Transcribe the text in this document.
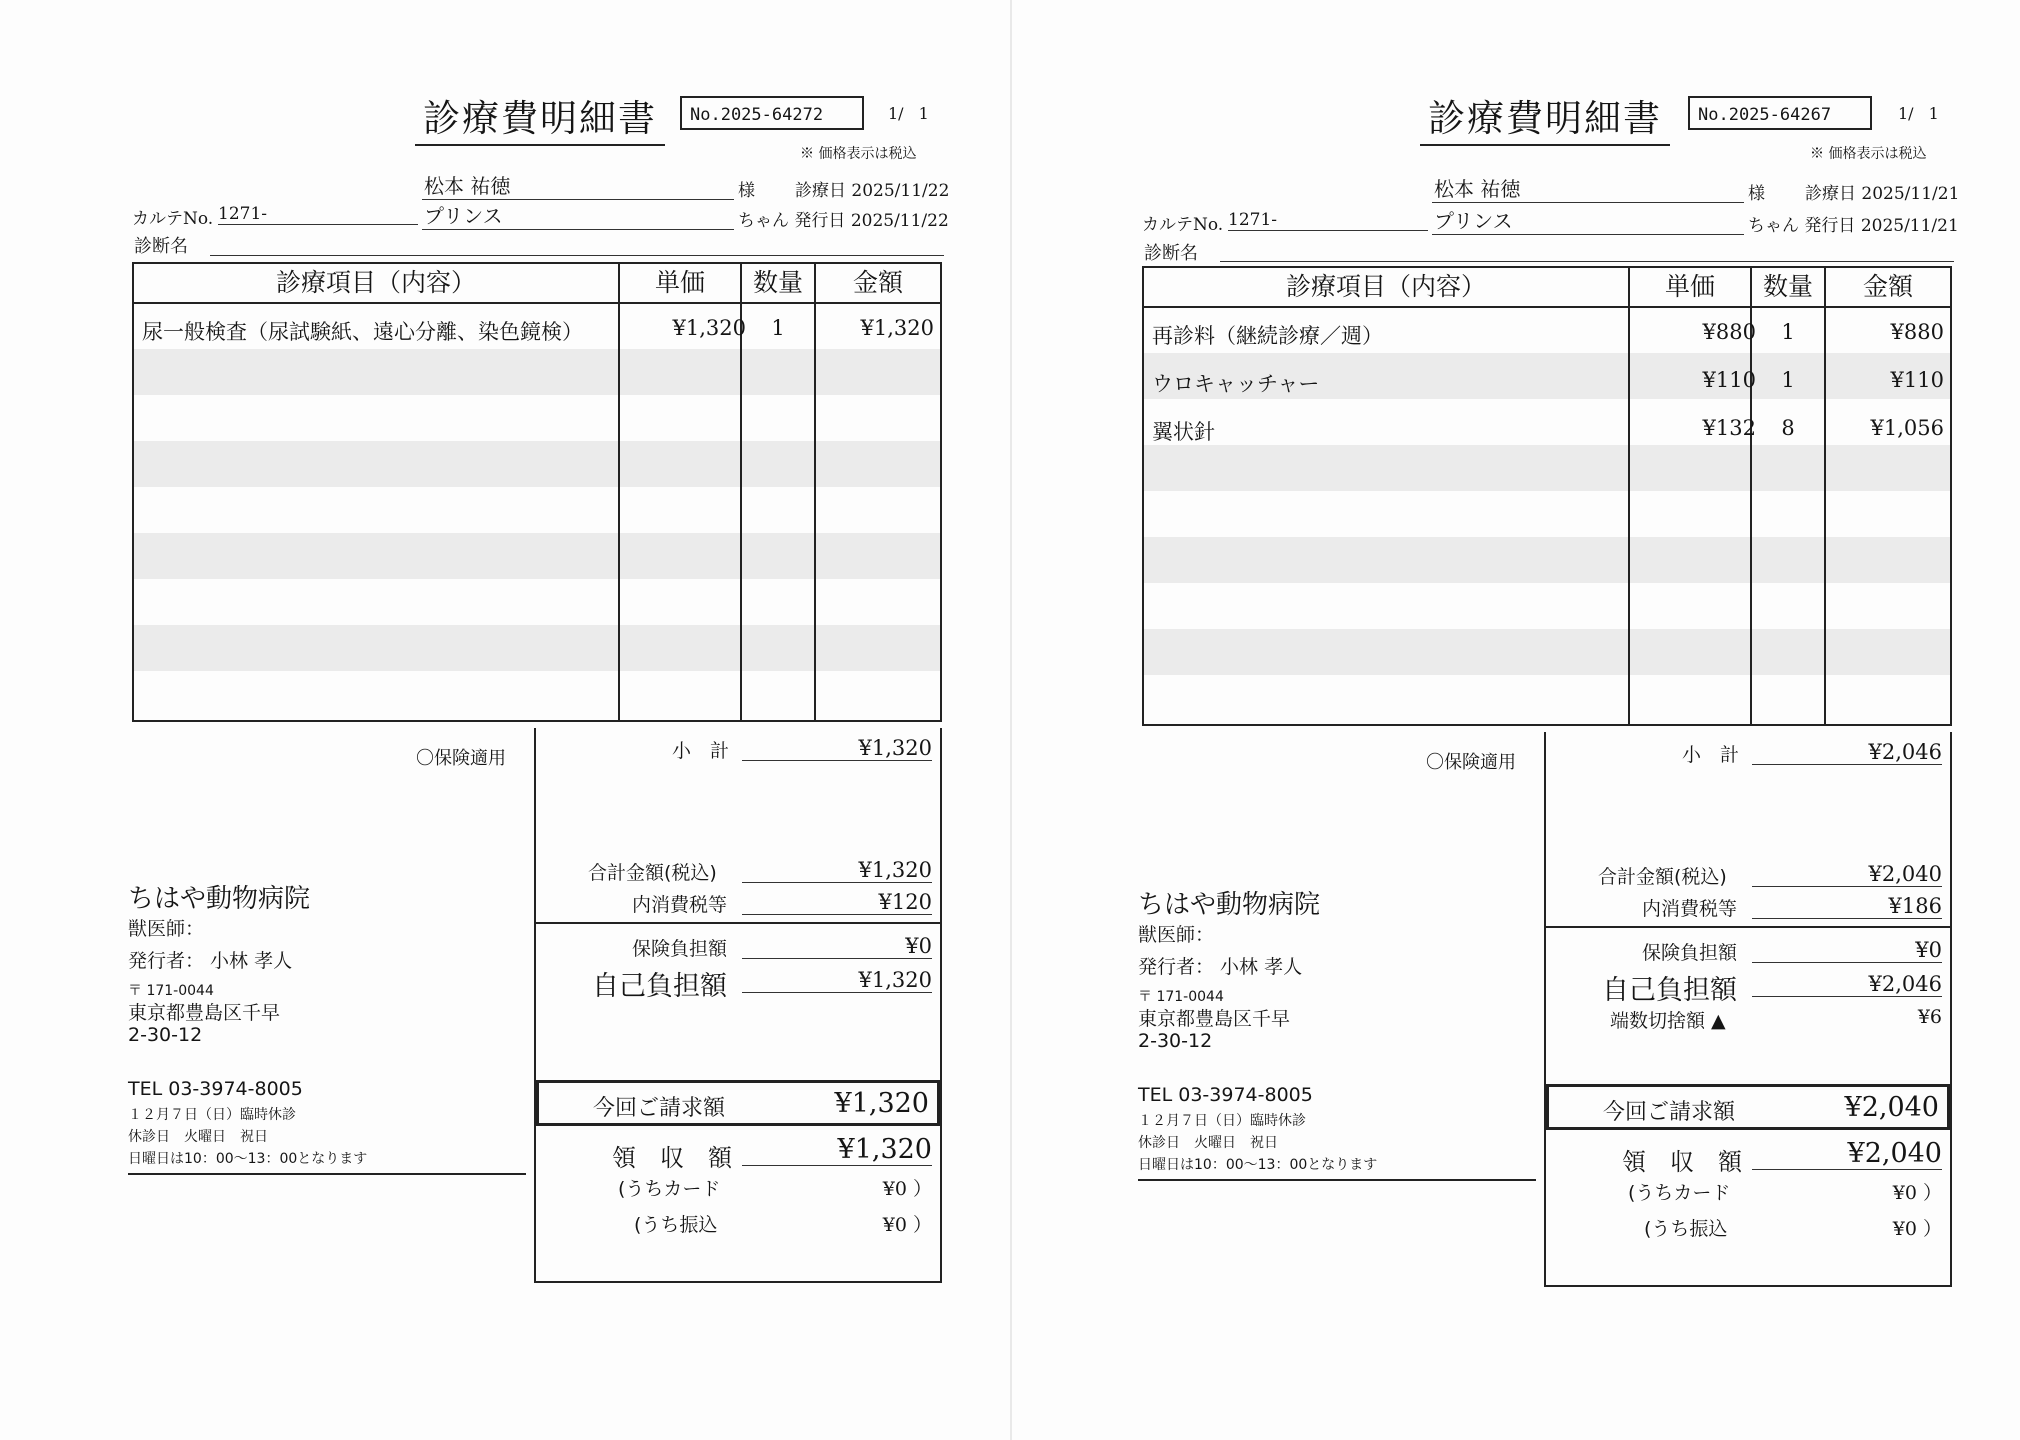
診療費明細書	No.2025-64272	1/ 1
※ 価格表示は税込
松本 祐徳	様 診療日 2025/11/22
カルテNo. 1271-	プリンス	ちゃん 発行日 2025/11/22
診断名
診療項目（内容）	単価	数量	金額
尿一般検査（尿試験紙、遠心分離、染色鏡検）	¥1,320	1	¥1,320
〇保険適用	小　計	¥1,320
合計金額(税込)	¥1,320
内消費税等	¥120
保険負担額	¥0
自己負担額	¥1,320
領　収　額	¥1,320
(うちカード	¥0 ）
(うち振込	¥0 ）
今回ご請求額	¥1,320
ちはや動物病院
獣医師：
発行者： 小林 孝人
〒 171-0044
東京都豊島区千早
2-30-12
TEL 03-3974-8005
１２月７日（日）臨時休診
休診日　火曜日　祝日
日曜日は10：00～13：00となります
診療費明細書	No.2025-64267	1/ 1
※ 価格表示は税込
松本 祐徳	様 診療日 2025/11/21
カルテNo. 1271-	プリンス	ちゃん 発行日 2025/11/21
診断名
診療項目（内容）	単価	数量	金額
再診料（継続診療／週）	¥880	1	¥880
ウロキャッチャー	¥110	1	¥110
翼状針	¥132	8	¥1,056
〇保険適用	小　計	¥2,046
合計金額(税込)	¥2,040
内消費税等	¥186
保険負担額	¥0
自己負担額	¥2,046
端数切捨額 ▲	¥6
領　収　額	¥2,040
(うちカード	¥0 ）
(うち振込	¥0 ）
今回ご請求額	¥2,040
ちはや動物病院
獣医師：
発行者： 小林 孝人
〒 171-0044
東京都豊島区千早
2-30-12
TEL 03-3974-8005
１２月７日（日）臨時休診
休診日　火曜日　祝日
日曜日は10：00～13：00となります
